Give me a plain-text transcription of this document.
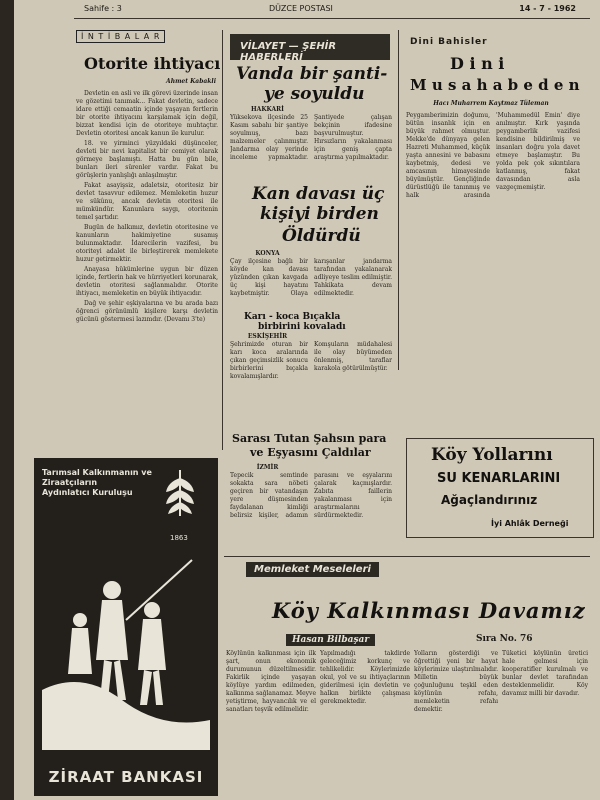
Sahife : 3	DÜZCE POSTASI	14 - 7 - 1962
İ N T İ B A L A R
Otorite ihtiyacı
Ahmet Kabakli

Devletin en asli ve ilk görevi üzerinde insan ve gözetimi tanımak... Fakat devletin, sadece idare ettiği cemaatin içinde yaşayan fertlerin bir otorite ihtiyacını karşılamak için değil, bizzat kendisi için de otoriteye muhtaçtır. Devletin otoritesi ancak kanun ile kurulur.

18. ve yirminci yüzyıldaki düşünceler, devleti bir nevi kapitalist bir cemiyet olarak görmeye başlamıştı. Hatta bu gün bile, bunları ileri sürenler vardır. Fakat bu görüşlerin yanlışlığı anlaşılmıştır.

Fakat asayişsiz, adaletsiz, otoritesiz bir devlet tasavvur edilemez. Memleketin huzur ve sükûnu, ancak devletin otoritesi ile mümkündür. Kanunlara saygı, otoritenin temel şartıdır.

Bugün de halkımız, devletin otoritesine ve kanunların hakimiyetine susamış bulunmaktadır. İdarecilerin vazifesi, bu otoriteyi adalet ile birleştirerek memlekete huzur getirmektir.

Anayasa hükümlerine uygun bir düzen içinde, fertlerin hak ve hürriyetleri korunarak, devletin otoritesi sağlanmalıdır. Otorite ihtiyacı, memleketin en büyük ihtiyacıdır.

Dağ ve şehir eşkiyalarına ve bu arada bazı öğrenci görünümlü kişilere karşı devletin gücünü göstermesi lazımdır. (Devamı 3'te)

VİLAYET — ŞEHİR HABERLERİ
Vanda bir şanti-
ye soyuldu
HAKKARİ
Yüksekova ilçesinde 25 Kasım sabahı bir şantiye soyulmuş, bazı malzemeler çalınmıştır. Jandarma olay yerinde inceleme yapmaktadır. Şantiyede çalışan bekçinin ifadesine başvurulmuştur. Hırsızların yakalanması için geniş çapta araştırma yapılmaktadır.
Kan davası üç
kişiyi birden
Öldürdü
KONYA
Çay ilçesine bağlı bir köyde kan davası yüzünden çıkan kavgada üç kişi hayatını kaybetmiştir. Olaya karışanlar jandarma tarafından yakalanarak adliyeye teslim edilmiştir. Tahkikata devam edilmektedir.
Karı - koca Bıçakla
birbirini kovaladı
ESKİŞEHİR
Şehrimizde oturan bir karı koca aralarında çıkan geçimsizlik sonucu birbirlerini bıçakla kovalamışlardır. Komşuların müdahalesi ile olay büyümeden önlenmiş, taraflar karakola götürülmüştür.
Sarası Tutan Şahsın para
ve Eşyasını Çaldılar
İZMİR
Tepecik semtinde sokakta sara nöbeti geçiren bir vatandaşın yere düşmesinden faydalanan kimliği belirsiz kişiler, adamın parasını ve eşyalarını çalarak kaçmışlardır. Zabıta faillerin yakalanması için araştırmalarını sürdürmektedir.
Dini Bahisler
D i n i
M u s a h a b e d e n
Hacı Muharrem Kaytmaz Tüleman
Peygamberimizin doğumu, bütün insanlık için en büyük rahmet olmuştur. Mekke'de dünyaya gelen Hazreti Muhammed, küçük yaşta annesini ve babasını kaybetmiş, dedesi ve amcasının himayesinde büyümüştür. Gençliğinde dürüstlüğü ile tanınmış ve halk arasında 'Muhammedül Emin' diye anılmıştır. Kırk yaşında peygamberlik vazifesi kendisine bildirilmiş ve insanları doğru yola davet etmeye başlamıştır. Bu yolda pek çok sıkıntılara katlanmış, fakat davasından asla vazgeçmemiştir.
Köy Yollarını
SU KENARLARINI
Ağaçlandırınız
İyi Ahlâk Derneği
Tarımsal Kalkınmanın ve
Ziraatçıların
Aydınlatıcı Kuruluşu
1863
ZİRAAT BANKASI
Memleket Meseleleri
Köy Kalkınması Davamız
Hasan Bilbaşar	Sıra No. 76
Köylünün kalkınması için ilk şart, onun ekonomik durumunun düzeltilmesidir. Fakirlik içinde yaşayan köylüye yardım edilmeden, kalkınma sağlanamaz. Meyve yetiştirme, hayvancılık ve el sanatları teşvik edilmelidir.
Yapılmadığı takdirde geleceğimiz korkunç ve tehlikelidir. Köylerimizde okul, yol ve su ihtiyaçlarının giderilmesi için devletin ve halkın birlikte çalışması gerekmektedir.
Yolların gösterdiği ve öğrettiği yeni bir hayat köylerimize ulaştırılmalıdır. Milletin büyük çoğunluğunu teşkil eden köylünün refahı, memleketin refahı demektir.
Tüketici köylünün üretici hale gelmesi için kooperatifler kurulmalı ve bunlar devlet tarafından desteklenmelidir. Köy davamız milli bir davadır.
